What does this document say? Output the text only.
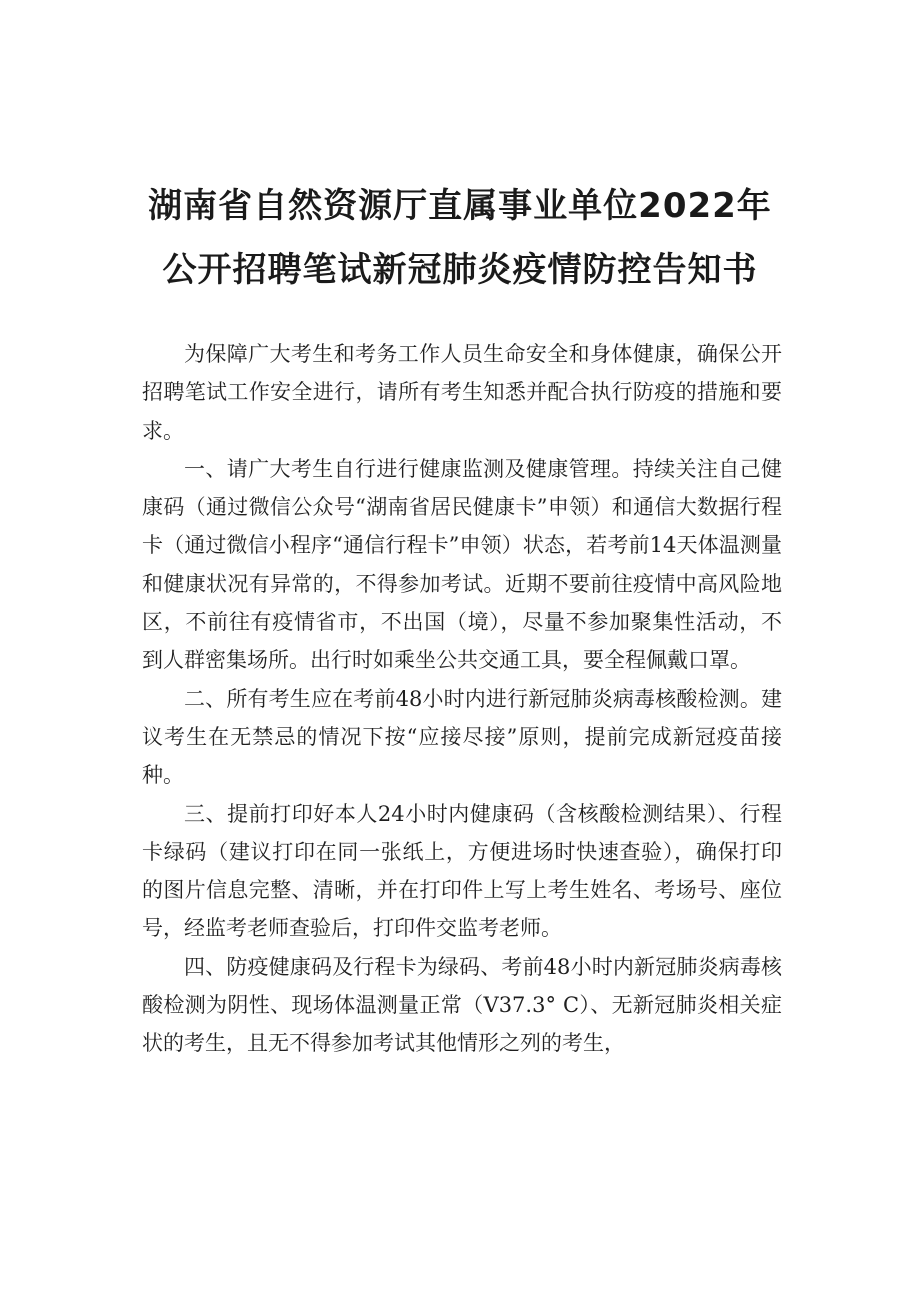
湖南省自然资源厅直属事业单位2022年
公开招聘笔试新冠肺炎疫情防控告知书

为保障广大考生和考务工作人员生命安全和身体健康，确保公开招聘笔试工作安全进行，请所有考生知悉并配合执行防疫的措施和要求。

一、请广大考生自行进行健康监测及健康管理。持续关注自己健康码（通过微信公众号“湖南省居民健康卡”申领）和通信大数据行程卡（通过微信小程序“通信行程卡”申领）状态，若考前14天体温测量和健康状况有异常的，不得参加考试。近期不要前往疫情中高风险地区，不前往有疫情省市，不出国（境），尽量不参加聚集性活动，不到人群密集场所。出行时如乘坐公共交通工具，要全程佩戴口罩。

二、所有考生应在考前48小时内进行新冠肺炎病毒核酸检测。建议考生在无禁忌的情况下按“应接尽接”原则，提前完成新冠疫苗接种。

三、提前打印好本人24小时内健康码（含核酸检测结果）、行程卡绿码（建议打印在同一张纸上，方便进场时快速查验），确保打印的图片信息完整、清晰，并在打印件上写上考生姓名、考场号、座位号，经监考老师查验后，打印件交监考老师。

四、防疫健康码及行程卡为绿码、考前48小时内新冠肺炎病毒核酸检测为阴性、现场体温测量正常（V37.3° C）、无新冠肺炎相关症状的考生，且无不得参加考试其他情形之列的考生，
